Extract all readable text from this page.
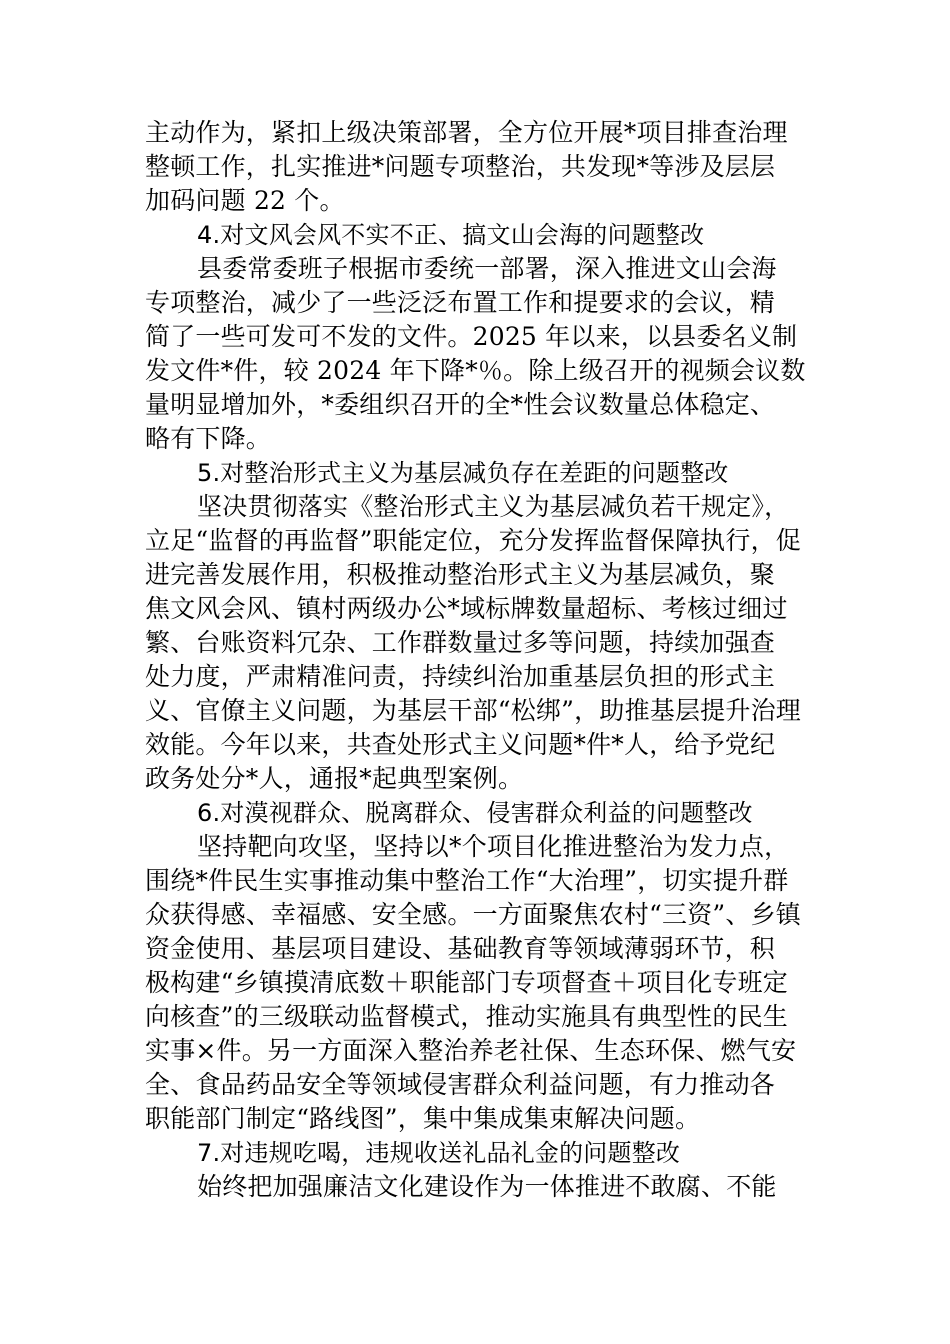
主动作为，紧扣上级决策部署，全方位开展*项目排查治理
整顿工作，扎实推进*问题专项整治，共发现*等涉及层层
加码问题 22 个。
4.对文风会风不实不正、搞文山会海的问题整改
县委常委班子根据市委统一部署，深入推进文山会海
专项整治，减少了一些泛泛布置工作和提要求的会议，精
简了一些可发可不发的文件。2025 年以来，以县委名义制
发文件*件，较 2024 年下降*％。除上级召开的视频会议数
量明显增加外，*委组织召开的全*性会议数量总体稳定、
略有下降。
5.对整治形式主义为基层减负存在差距的问题整改
坚决贯彻落实《整治形式主义为基层减负若干规定》，
立足“监督的再监督”职能定位，充分发挥监督保障执行，促
进完善发展作用，积极推动整治形式主义为基层减负，聚
焦文风会风、镇村两级办公*域标牌数量超标、考核过细过
繁、台账资料冗杂、工作群数量过多等问题，持续加强查
处力度，严肃精准问责，持续纠治加重基层负担的形式主
义、官僚主义问题，为基层干部“松绑”，助推基层提升治理
效能。今年以来，共查处形式主义问题*件*人，给予党纪
政务处分*人，通报*起典型案例。
6.对漠视群众、脱离群众、侵害群众利益的问题整改
坚持靶向攻坚，坚持以*个项目化推进整治为发力点，
围绕*件民生实事推动集中整治工作“大治理”，切实提升群
众获得感、幸福感、安全感。一方面聚焦农村“三资”、乡镇
资金使用、基层项目建设、基础教育等领域薄弱环节，积
极构建“乡镇摸清底数＋职能部门专项督查＋项目化专班定
向核查”的三级联动监督模式，推动实施具有典型性的民生
实事×件。另一方面深入整治养老社保、生态环保、燃气安
全、食品药品安全等领域侵害群众利益问题，有力推动各
职能部门制定“路线图”，集中集成集束解决问题。
7.对违规吃喝，违规收送礼品礼金的问题整改
始终把加强廉洁文化建设作为一体推进不敢腐、不能
